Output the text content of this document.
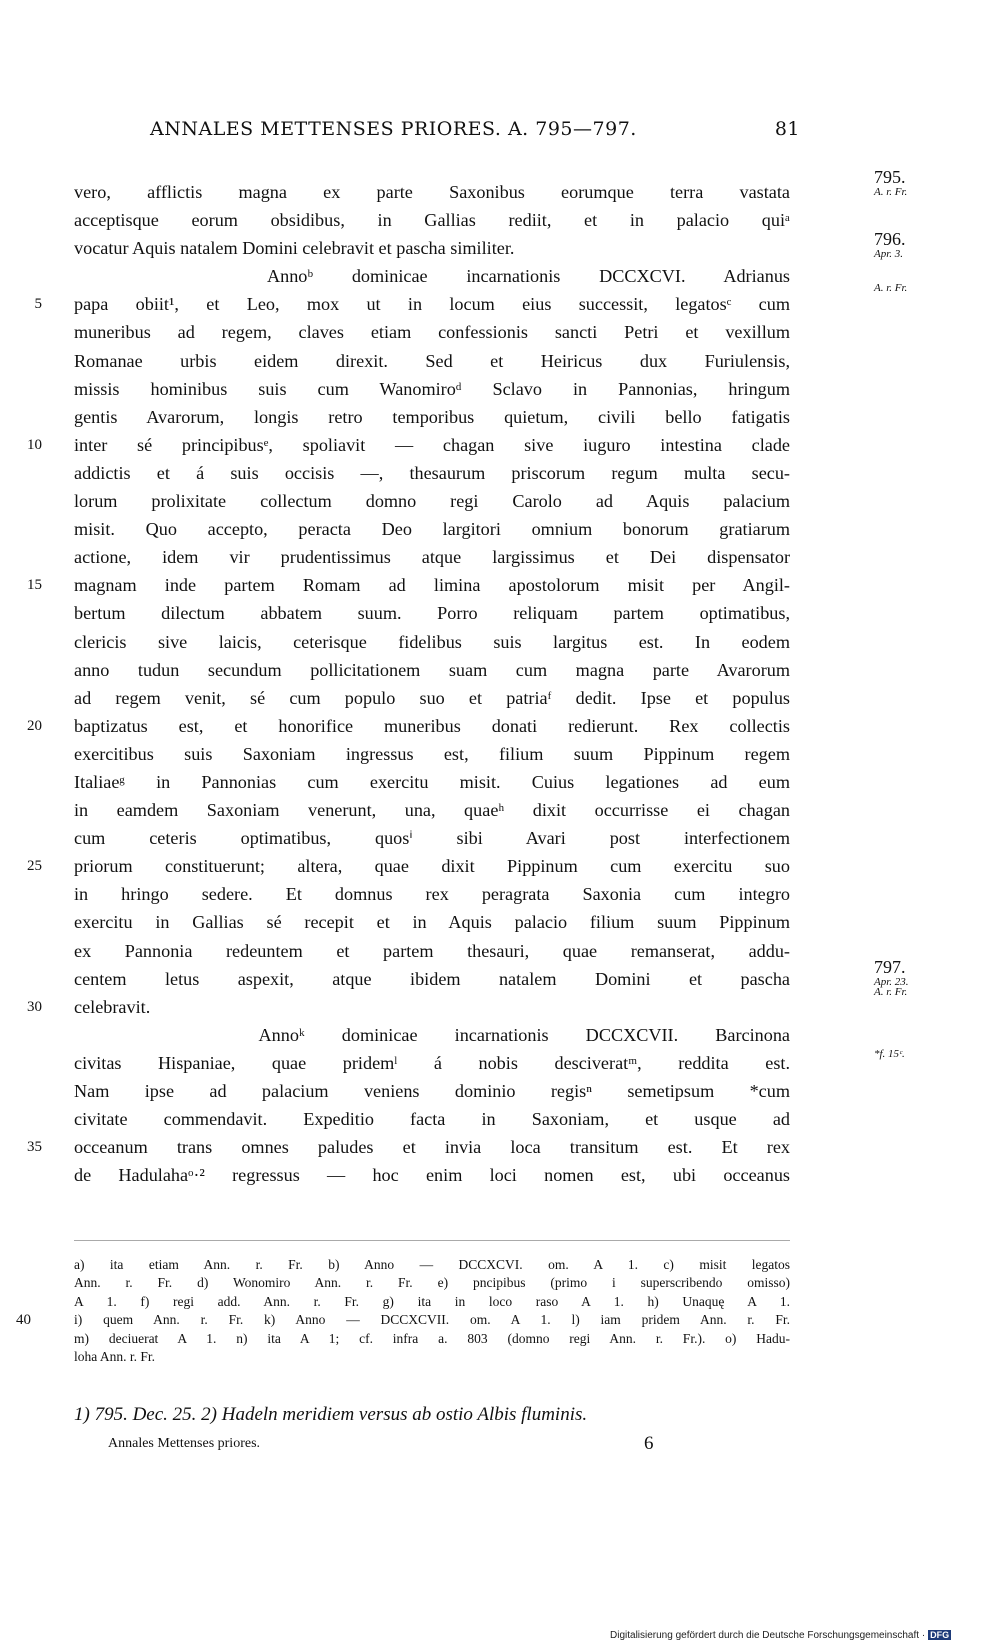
ANNALES METTENSES PRIORES. A. 795—797.	81
795.
A. r. Fr.
796.
Apr. 3.
A. r. Fr.
797.
Apr. 23.
A. r. Fr.
*f. 15ᶜ.
vero, afflictis magna ex parte Saxonibus eorumque terra vastata
acceptisque eorum obsidibus, in Gallias rediit, et in palacio quiᵃ
vocatur Aquis natalem Domini celebravit et pascha similiter.
Annoᵇ dominicae incarnationis DCCXCVI. Adrianus
5 papa obiit¹, et Leo, mox ut in locum eius successit, legatosᶜ cum
muneribus ad regem, claves etiam confessionis sancti Petri et vexillum
Romanae urbis eidem direxit. Sed et Heiricus dux Furiulensis,
missis hominibus suis cum Wanomiroᵈ Sclavo in Pannonias, hringum
gentis Avarorum, longis retro temporibus quietum, civili bello fatigatis
10 inter sé principibusᵉ, spoliavit — chagan sive iuguro intestina clade
addictis et á suis occisis —, thesaurum priscorum regum multa secu-
lorum prolixitate collectum domno regi Carolo ad Aquis palacium
misit. Quo accepto, peracta Deo largitori omnium bonorum gratiarum
actione, idem vir prudentissimus atque largissimus et Dei dispensator
15 magnam inde partem Romam ad limina apostolorum misit per Angil-
bertum dilectum abbatem suum. Porro reliquam partem optimatibus,
clericis sive laicis, ceterisque fidelibus suis largitus est. In eodem
anno tudun secundum pollicitationem suam cum magna parte Avarorum
ad regem venit, sé cum populo suo et patriaᶠ dedit. Ipse et populus
20 baptizatus est, et honorifice muneribus donati redierunt. Rex collectis
exercitibus suis Saxoniam ingressus est, filium suum Pippinum regem
Italiaeᵍ in Pannonias cum exercitu misit. Cuius legationes ad eum
in eamdem Saxoniam venerunt, una, quaeʰ dixit occurrisse ei chagan
cum ceteris optimatibus, quosⁱ sibi Avari post interfectionem
25 priorum constituerunt; altera, quae dixit Pippinum cum exercitu suo
in hringo sedere. Et domnus rex peragrata Saxonia cum integro
exercitu in Gallias sé recepit et in Aquis palacio filium suum Pippinum
ex Pannonia redeuntem et partem thesauri, quae remanserat, addu-
centem letus aspexit, atque ibidem natalem Domini et pascha
30 celebravit.
Annoᵏ dominicae incarnationis DCCXCVII. Barcinona
civitas Hispaniae, quae pridemˡ á nobis desciveratᵐ, reddita est.
Nam ipse ad palacium veniens dominio regisⁿ semetipsum *cum
civitate commendavit. Expeditio facta in Saxoniam, et usque ad
35 occeanum trans omnes paludes et invia loca transitum est. Et rex
de Hadulahaᵒ·² regressus — hoc enim loci nomen est, ubi occeanus
a) ita etiam Ann. r. Fr. b) Anno — DCCXCVI. om. A 1. c) misit legatos
Ann. r. Fr. d) Wonomiro Ann. r. Fr. e) pncipibus (primo i superscribendo omisso)
A 1. f) regi add. Ann. r. Fr. g) ita in loco raso A 1. h) Unaquę A 1.
40	i) quem Ann. r. Fr. k) Anno — DCCXCVII. om. A 1. l) iam pridem Ann. r. Fr.
m) deciuerat A 1. n) ita A 1; cf. infra a. 803 (domno regi Ann. r. Fr.). o) Hadu-
loha Ann. r. Fr.
1) 795. Dec. 25. 2) Hadeln meridiem versus ab ostio Albis fluminis.
Annales Mettenses priores.	6
Digitalisierung gefördert durch die Deutsche Forschungsgemeinschaft · DFG
